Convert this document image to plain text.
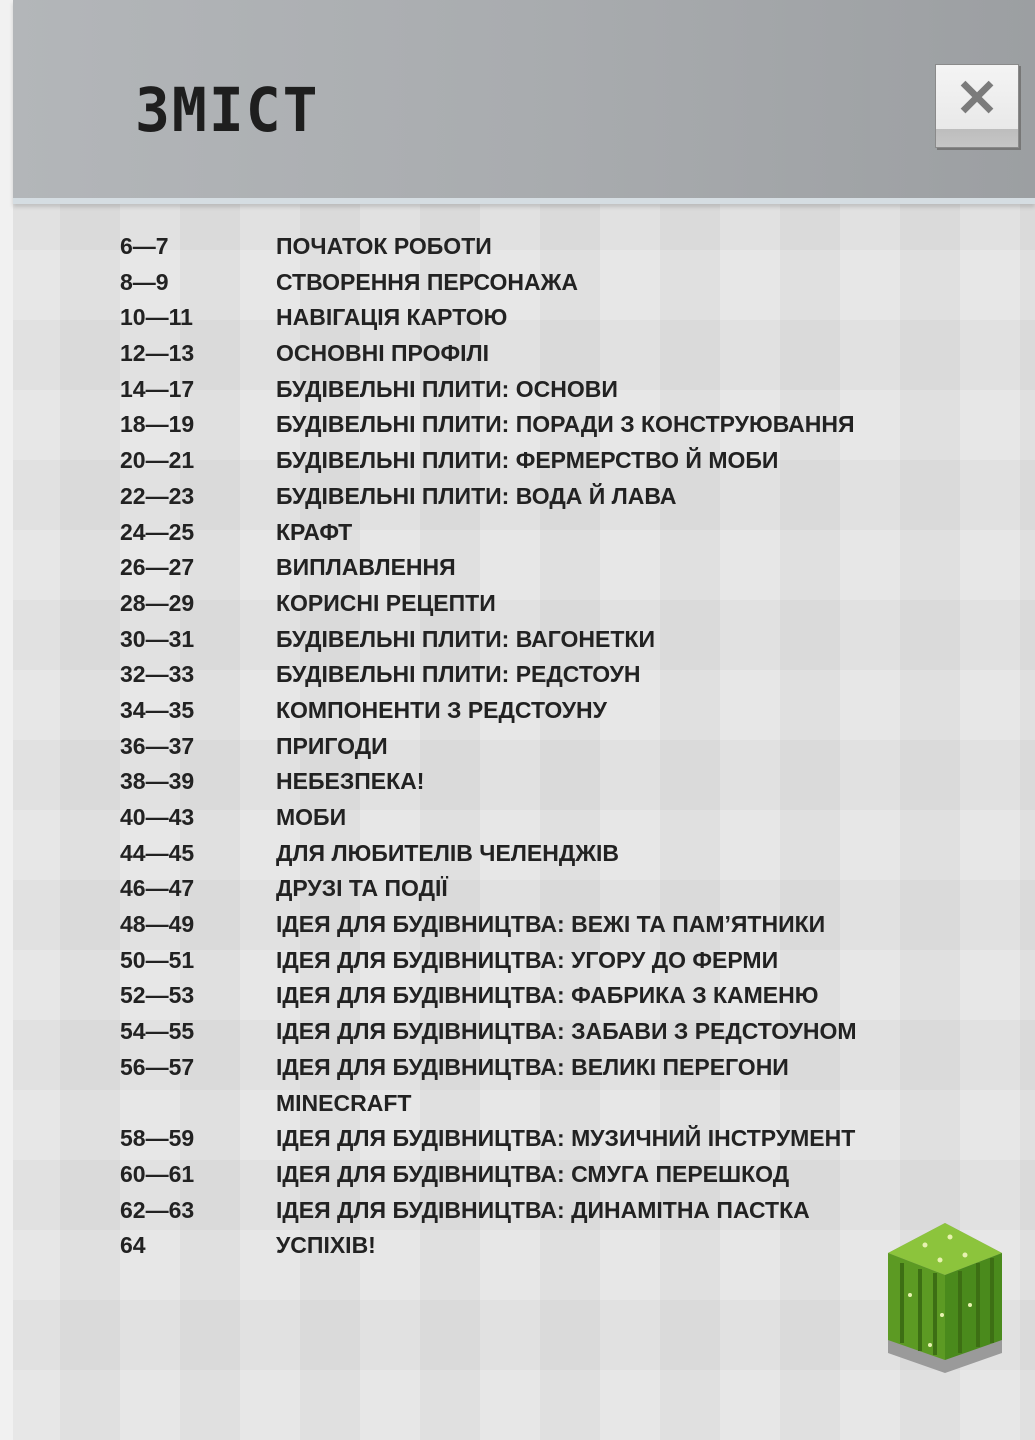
ЗМІСТ	✕
6—7	ПОЧАТОК РОБОТИ
8—9	СТВОРЕННЯ ПЕРСОНАЖА
10—11	НАВІГАЦІЯ КАРТОЮ
12—13	ОСНОВНІ ПРОФІЛІ
14—17	БУДІВЕЛЬНІ ПЛИТИ: ОСНОВИ
18—19	БУДІВЕЛЬНІ ПЛИТИ: ПОРАДИ З КОНСТРУЮВАННЯ
20—21	БУДІВЕЛЬНІ ПЛИТИ: ФЕРМЕРСТВО Й МОБИ
22—23	БУДІВЕЛЬНІ ПЛИТИ: ВОДА Й ЛАВА
24—25	КРАФТ
26—27	ВИПЛАВЛЕННЯ
28—29	КОРИСНІ РЕЦЕПТИ
30—31	БУДІВЕЛЬНІ ПЛИТИ: ВАГОНЕТКИ
32—33	БУДІВЕЛЬНІ ПЛИТИ: РЕДСТОУН
34—35	КОМПОНЕНТИ З РЕДСТОУНУ
36—37	ПРИГОДИ
38—39	НЕБЕЗПЕКА!
40—43	МОБИ
44—45	ДЛЯ ЛЮБИТЕЛІВ ЧЕЛЕНДЖІВ
46—47	ДРУЗІ ТА ПОДІЇ
48—49	ІДЕЯ ДЛЯ БУДІВНИЦТВА: ВЕЖІ ТА ПАМ’ЯТНИКИ
50—51	ІДЕЯ ДЛЯ БУДІВНИЦТВА: УГОРУ ДО ФЕРМИ
52—53	ІДЕЯ ДЛЯ БУДІВНИЦТВА: ФАБРИКА З КАМЕНЮ
54—55	ІДЕЯ ДЛЯ БУДІВНИЦТВА: ЗАБАВИ З РЕДСТОУНОМ
56—57	ІДЕЯ ДЛЯ БУДІВНИЦТВА: ВЕЛИКІ ПЕРЕГОНИ
MINECRAFT
58—59	ІДЕЯ ДЛЯ БУДІВНИЦТВА: МУЗИЧНИЙ ІНСТРУМЕНТ
60—61	ІДЕЯ ДЛЯ БУДІВНИЦТВА: СМУГА ПЕРЕШКОД
62—63	ІДЕЯ ДЛЯ БУДІВНИЦТВА: ДИНАМІТНА ПАСТКА
64	УСПІХІВ!
